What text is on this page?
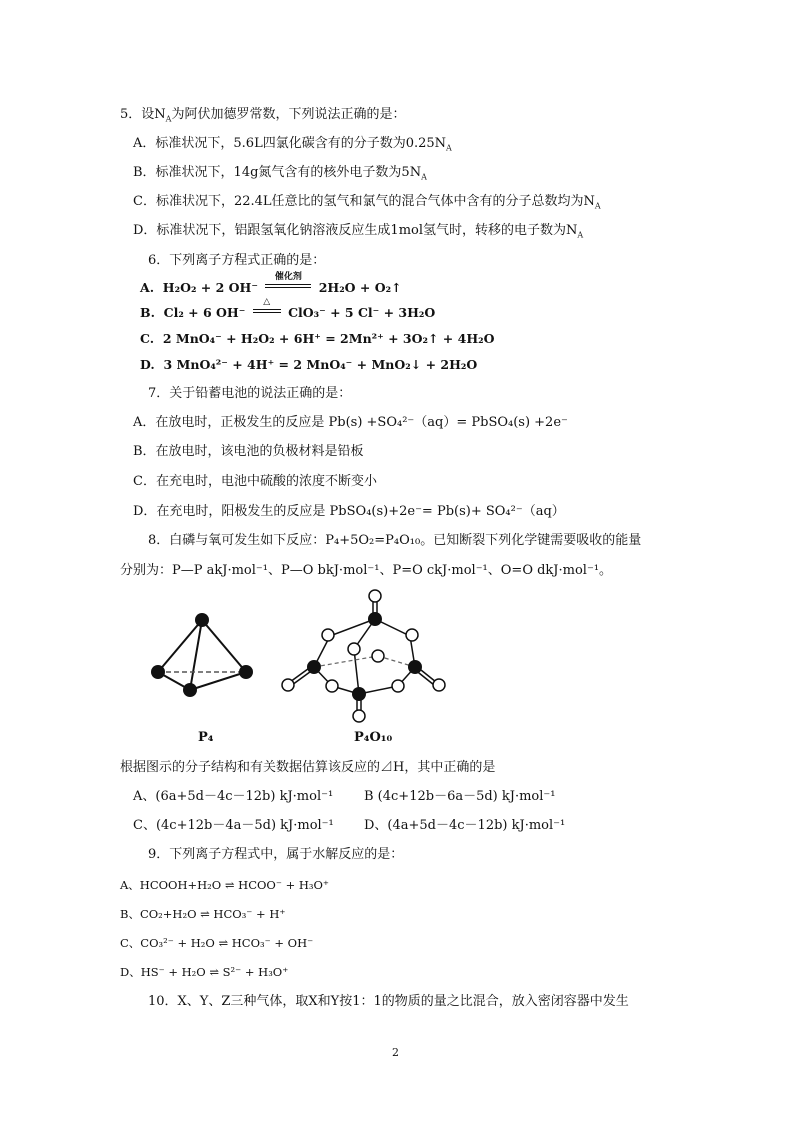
5．设$N_A$为阿伏加德罗常数，下列说法正确的是：
A．标准状况下，5.6L四氯化碳含有的分子数为$0.25N_A$
B．标准状况下，14g氮气含有的核外电子数为$5N_A$
C．标准状况下，22.4L任意比的氢气和氯气的混合气体中含有的分子总数均为$N_A$
D．标准状况下，铝跟氢氧化钠溶液反应生成1mol氢气时，转移的电子数为$N_A$
6．下列离子方程式正确的是：
A. H₂O₂ + 2 OH⁻
催化剂
2H₂O + O₂↑
B. Cl₂ + 6 OH⁻
△
ClO₃⁻ + 5 Cl⁻ + 3H₂O
C. 2 MnO₄⁻ + H₂O₂ + 6H⁺ = 2Mn²⁺ + 3O₂↑ + 4H₂O
D. 3 MnO₄²⁻ + 4H⁺ = 2 MnO₄⁻ + MnO₂↓ + 2H₂O
7．关于铅蓄电池的说法正确的是：
A．在放电时，正极发生的反应是 Pb(s) +SO₄²⁻（aq）= PbSO₄(s) +2e⁻
B．在放电时，该电池的负极材料是铅板
C．在充电时，电池中硫酸的浓度不断变小
D．在充电时，阳极发生的反应是 PbSO₄(s)+2e⁻= Pb(s)+ SO₄²⁻（aq）
8．白磷与氧可发生如下反应：P₄+5O₂=P₄O₁₀。已知断裂下列化学键需要吸收的能量
分别为：P—P akJ·mol⁻¹、P—O bkJ·mol⁻¹、P=O ckJ·mol⁻¹、O=O dkJ·mol⁻¹。
P₄	P₄O₁₀
根据图示的分子结构和有关数据估算该反应的⊿H，其中正确的是
A、(6a+5d－4c－12b) kJ·mol⁻¹ B (4c+12b－6a－5d) kJ·mol⁻¹
C、(4c+12b－4a－5d) kJ·mol⁻¹ D、(4a+5d－4c－12b) kJ·mol⁻¹
9．下列离子方程式中，属于水解反应的是：
A、HCOOH+H₂O ⇌ HCOO⁻ + H₃O⁺
B、CO₂+H₂O ⇌ HCO₃⁻ + H⁺
C、CO₃²⁻ + H₂O ⇌ HCO₃⁻ + OH⁻
D、HS⁻ + H₂O ⇌ S²⁻ + H₃O⁺
10．X、Y、Z三种气体，取X和Y按1：1的物质的量之比混合，放入密闭容器中发生
2
